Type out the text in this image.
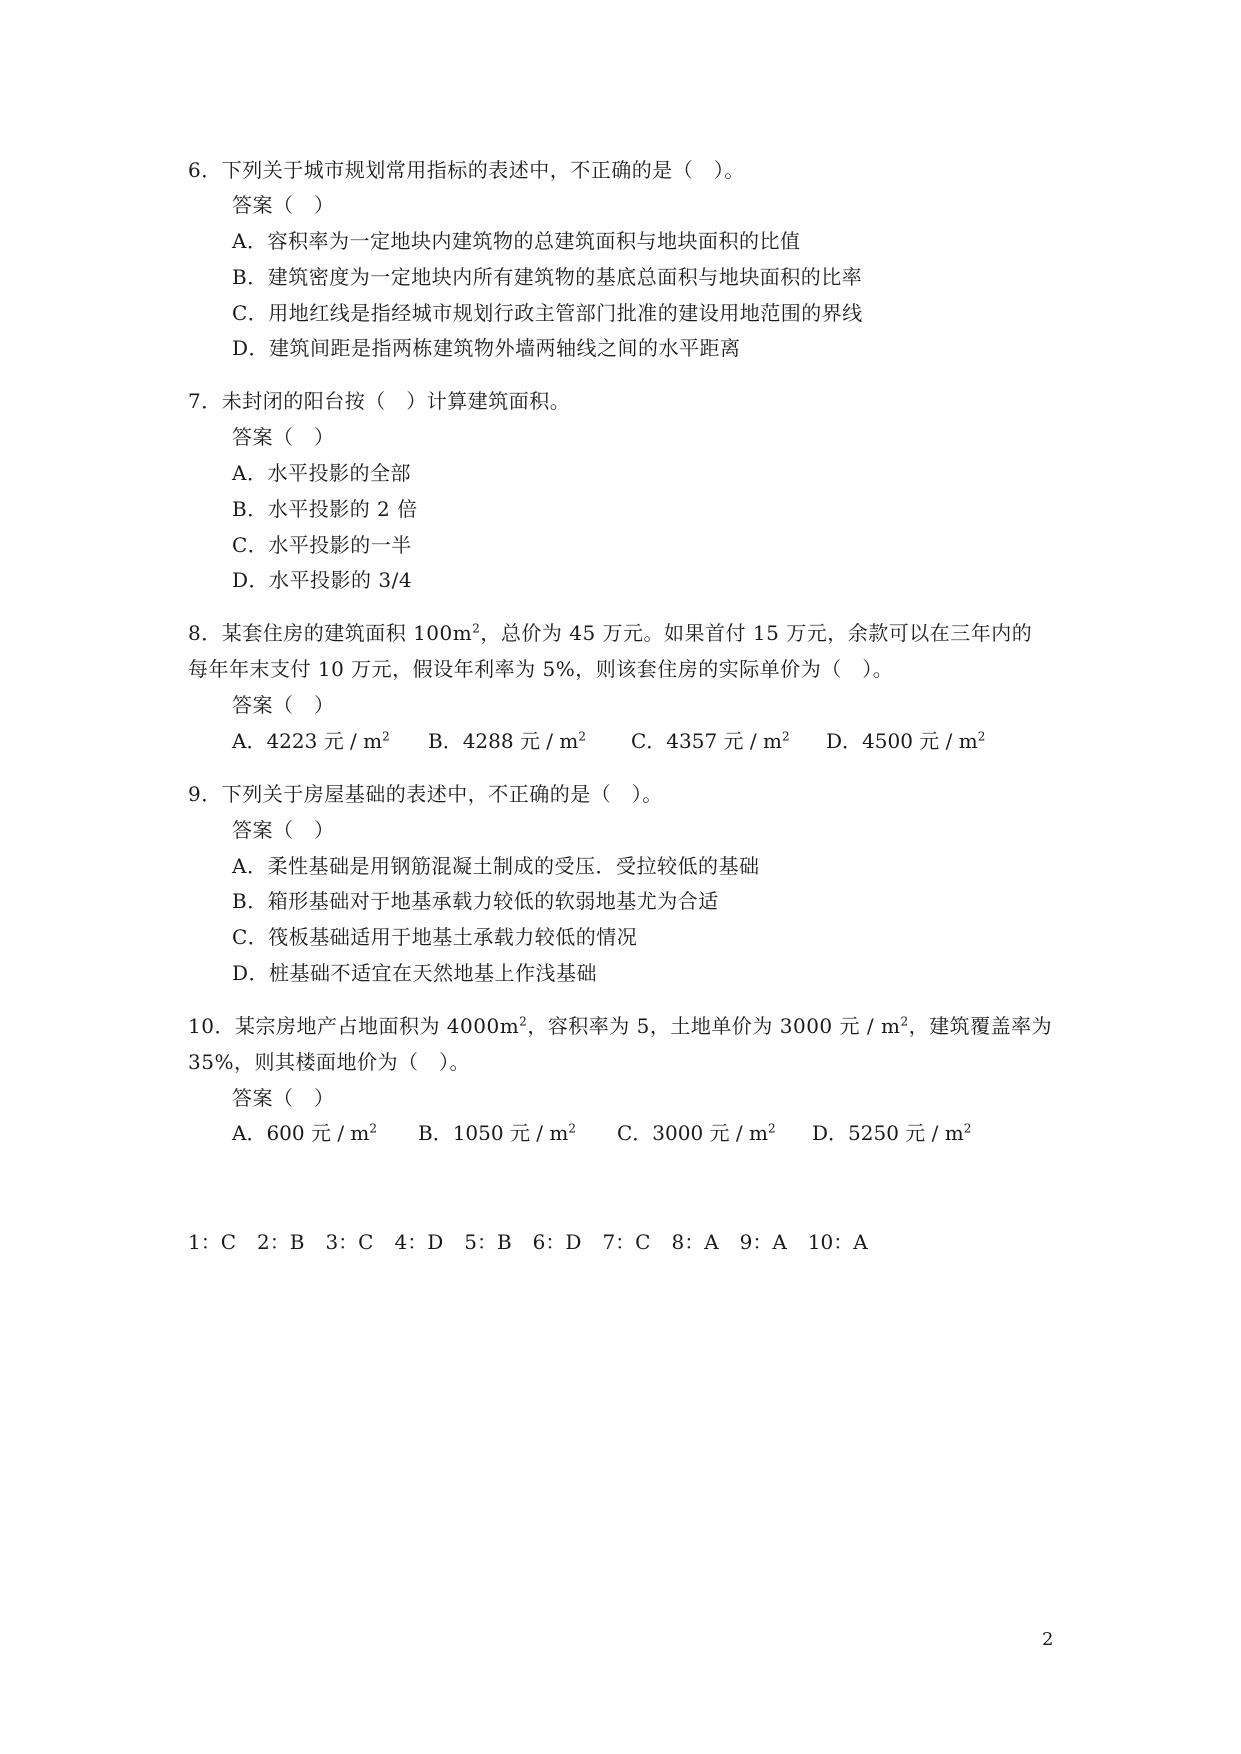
6．下列关于城市规划常用指标的表述中，不正确的是（　）。
答案（　）
A．容积率为一定地块内建筑物的总建筑面积与地块面积的比值
B．建筑密度为一定地块内所有建筑物的基底总面积与地块面积的比率
C．用地红线是指经城市规划行政主管部门批准的建设用地范围的界线
D．建筑间距是指两栋建筑物外墙两轴线之间的水平距离
7．未封闭的阳台按（　）计算建筑面积。
答案（　）
A．水平投影的全部
B．水平投影的 2 倍
C．水平投影的一半
D．水平投影的 3/4
8．某套住房的建筑面积 $100m^2$，总价为 45 万元。如果首付 15 万元，余款可以在三年内的
每年年末支付 10 万元，假设年利率为 5%，则该套住房的实际单价为（　）。
答案（　）
A．4223 元 / $m^2$ B．4288 元 / $m^2$ C．4357 元 / $m^2$ D．4500 元 / $m^2$
9．下列关于房屋基础的表述中，不正确的是（　）。
答案（　）
A．柔性基础是用钢筋混凝土制成的受压．受拉较低的基础
B．箱形基础对于地基承载力较低的软弱地基尤为合适
C．筏板基础适用于地基土承载力较低的情况
D．桩基础不适宜在天然地基上作浅基础
10．某宗房地产占地面积为 $4000m^2$，容积率为 5，土地单价为 3000 元 / $m^2$，建筑覆盖率为
35%，则其楼面地价为（　）。
答案（　）
A．600 元 / $m^2$ B．1050 元 / $m^2$ C．3000 元 / $m^2$ D．5250 元 / $m^2$
1：C 2：B 3：C 4：D 5：B 6：D 7：C 8：A 9：A 10：A
2
